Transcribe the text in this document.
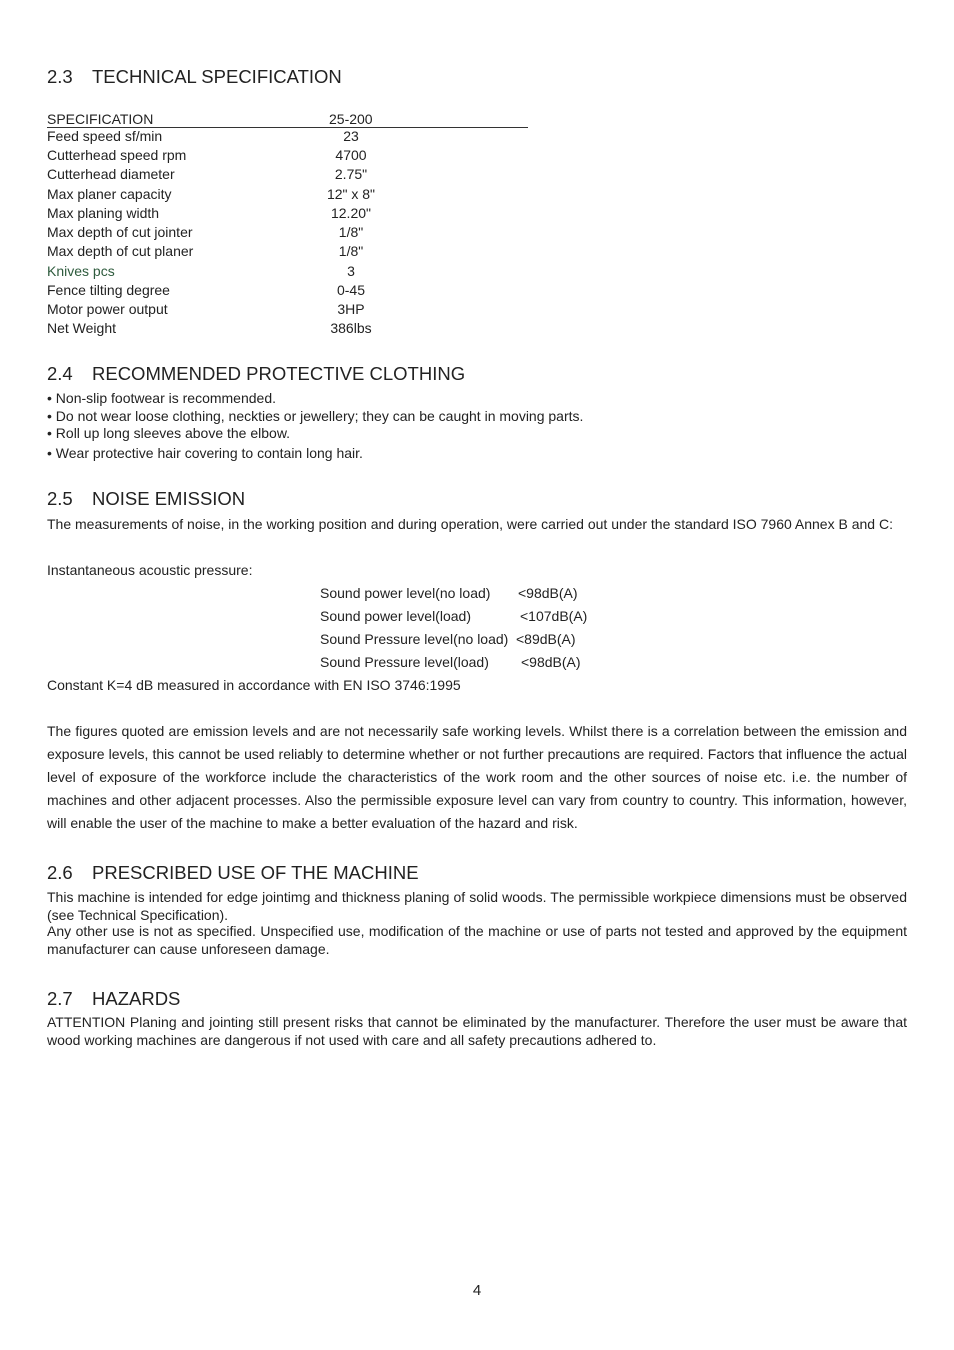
2.3 TECHNICAL SPECIFICATION
SPECIFICATION	25-200
Feed speed sf/min	23
Cutterhead speed rpm	4700
Cutterhead diameter	2.75"
Max planer capacity	12" x 8"
Max planing width	12.20"
Max depth of cut jointer	1/8"
Max depth of cut planer	1/8"
Knives pcs	3
Fence tilting degree	0-45
Motor power output	3HP
Net Weight	386lbs
2.4 RECOMMENDED PROTECTIVE CLOTHING
• Non-slip footwear is recommended.
• Do not wear loose clothing, neckties or jewellery; they can be caught in moving parts.
• Roll up long sleeves above the elbow.
• Wear protective hair covering to contain long hair.
2.5 NOISE EMISSION
The measurements of noise, in the working position and during operation, were carried out under the standard ISO 7960 Annex B and C:
Instantaneous acoustic pressure:
Sound power level(no load) <98dB(A)
Sound power level(load)	<107dB(A)
Sound Pressure level(no load) <89dB(A)
Sound Pressure level(load) <98dB(A)
Constant K=4 dB measured in accordance with EN ISO 3746:1995
The figures quoted are emission levels and are not necessarily safe working levels. Whilst there is a correlation between the emission and exposure levels, this cannot be used reliably to determine whether or not further precautions are required. Factors that influence the actual level of exposure of the workforce include the characteristics of the work room and the other sources of noise etc. i.e. the number of machines and other adjacent processes. Also the permissible exposure level can vary from country to country. This information, however, will enable the user of the machine to make a better evaluation of the hazard and risk.
2.6 PRESCRIBED USE OF THE MACHINE
This machine is intended for edge jointimg and thickness planing of solid woods. The permissible workpiece dimensions must be observed (see Technical Specification).
Any other use is not as specified. Unspecified use, modification of the machine or use of parts not tested and approved by the equipment manufacturer can cause unforeseen damage.
2.7 HAZARDS
ATTENTION Planing and jointing still present risks that cannot be eliminated by the manufacturer. Therefore the user must be aware that wood working machines are dangerous if not used with care and all safety precautions adhered to.
4
